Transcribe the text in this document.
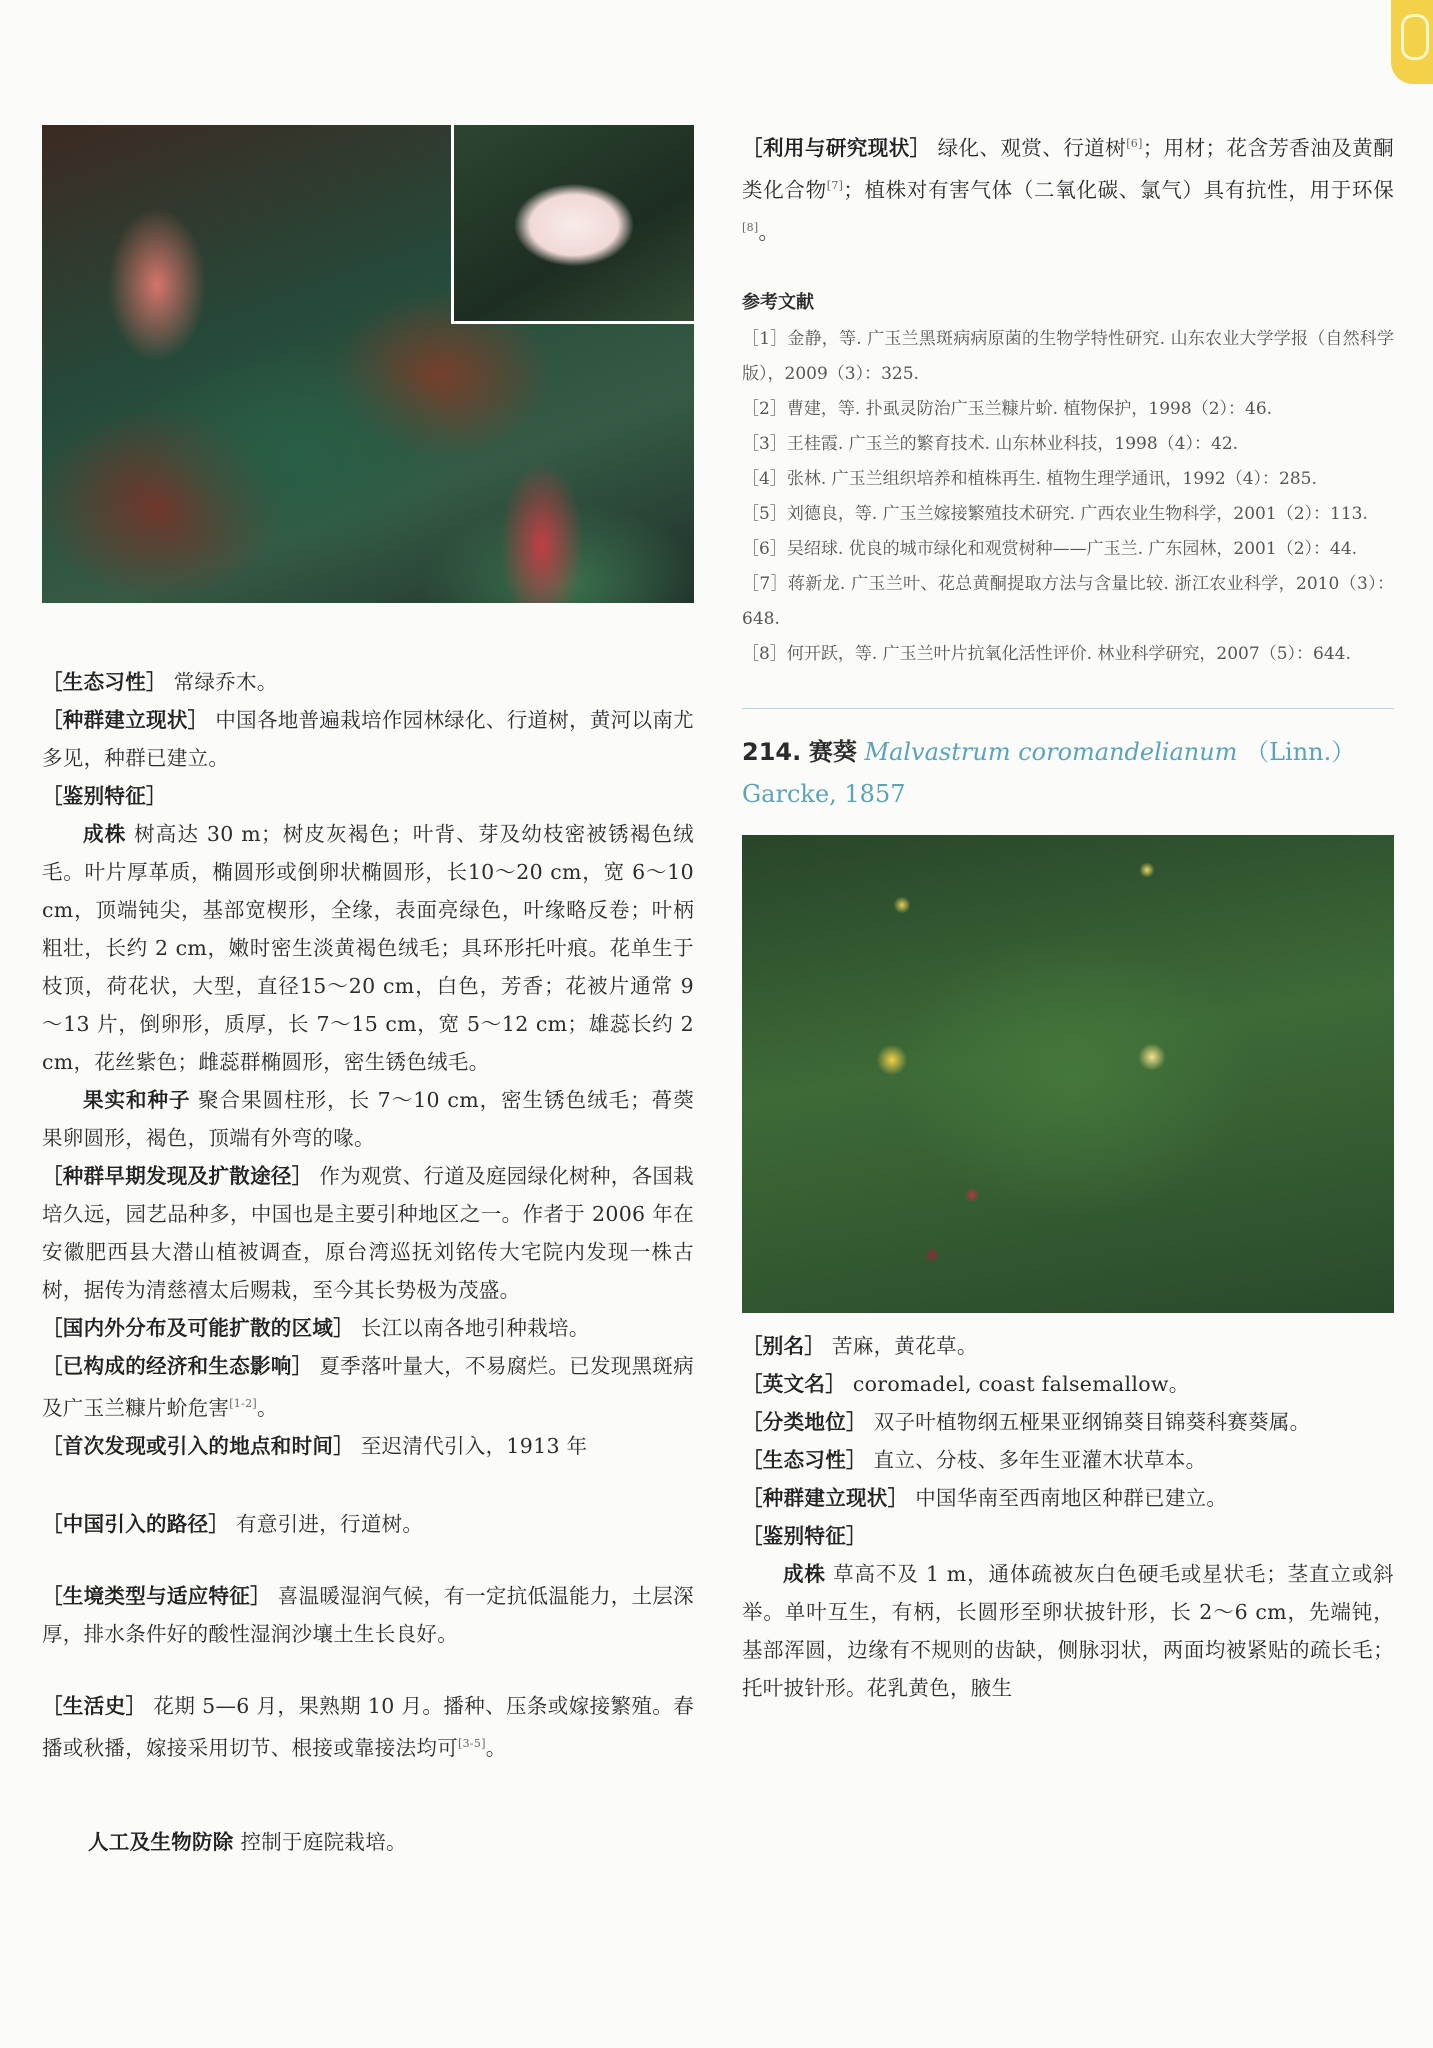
［生态习性］ 常绿乔木。

［种群建立现状］ 中国各地普遍栽培作园林绿化、行道树，黄河以南尤多见，种群已建立。

［鉴别特征］

成株 树高达 30 m；树皮灰褐色；叶背、芽及幼枝密被锈褐色绒毛。叶片厚革质，椭圆形或倒卵状椭圆形，长10～20 cm，宽 6～10 cm，顶端钝尖，基部宽楔形，全缘，表面亮绿色，叶缘略反卷；叶柄粗壮，长约 2 cm，嫩时密生淡黄褐色绒毛；具环形托叶痕。花单生于枝顶，荷花状，大型，直径15～20 cm，白色，芳香；花被片通常 9～13 片，倒卵形，质厚，长 7～15 cm，宽 5～12 cm；雄蕊长约 2 cm，花丝紫色；雌蕊群椭圆形，密生锈色绒毛。

果实和种子 聚合果圆柱形，长 7～10 cm，密生锈色绒毛；蓇葖果卵圆形，褐色，顶端有外弯的喙。

［种群早期发现及扩散途径］ 作为观赏、行道及庭园绿化树种，各国栽培久远，园艺品种多，中国也是主要引种地区之一。作者于 2006 年在安徽肥西县大潜山植被调查，原台湾巡抚刘铭传大宅院内发现一株古树，据传为清慈禧太后赐栽，至今其长势极为茂盛。

［国内外分布及可能扩散的区域］ 长江以南各地引种栽培。

［已构成的经济和生态影响］ 夏季落叶量大，不易腐烂。已发现黑斑病及广玉兰糠片蚧危害[1-2]。

［首次发现或引入的地点和时间］ 至迟清代引入，1913 年

［中国引入的路径］ 有意引进，行道树。

［生境类型与适应特征］ 喜温暖湿润气候，有一定抗低温能力，土层深厚，排水条件好的酸性湿润沙壤土生长良好。

［生活史］ 花期 5—6 月，果熟期 10 月。播种、压条或嫁接繁殖。春播或秋播，嫁接采用切节、根接或靠接法均可[3-5]。

人工及生物防除 控制于庭院栽培。

［利用与研究现状］ 绿化、观赏、行道树[6]；用材；花含芳香油及黄酮类化合物[7]；植株对有害气体（二氧化碳、氯气）具有抗性，用于环保[8]。

参考文献

［1］金静，等. 广玉兰黑斑病病原菌的生物学特性研究. 山东农业大学学报（自然科学版），2009（3）：325.

［2］曹建，等. 扑虱灵防治广玉兰糠片蚧. 植物保护，1998（2）：46.

［3］王桂霞. 广玉兰的繁育技术. 山东林业科技，1998（4）：42.

［4］张林. 广玉兰组织培养和植株再生. 植物生理学通讯，1992（4）：285.

［5］刘德良，等. 广玉兰嫁接繁殖技术研究. 广西农业生物科学，2001（2）：113.

［6］吴绍球. 优良的城市绿化和观赏树种——广玉兰. 广东园林，2001（2）：44.

［7］蒋新龙. 广玉兰叶、花总黄酮提取方法与含量比较. 浙江农业科学，2010（3）：648.

［8］何开跃，等. 广玉兰叶片抗氧化活性评价. 林业科学研究，2007（5）：644.

214. 赛葵 Malvastrum coromandelianum （Linn.）Garcke, 1857

［别名］ 苦麻，黄花草。

［英文名］ coromadel, coast falsemallow。

［分类地位］ 双子叶植物纲五桠果亚纲锦葵目锦葵科赛葵属。

［生态习性］ 直立、分枝、多年生亚灌木状草本。

［种群建立现状］ 中国华南至西南地区种群已建立。

［鉴别特征］

成株 草高不及 1 m，通体疏被灰白色硬毛或星状毛；茎直立或斜举。单叶互生，有柄，长圆形至卵状披针形，长 2～6 cm，先端钝，基部浑圆，边缘有不规则的齿缺，侧脉羽状，两面均被紧贴的疏长毛；托叶披针形。花乳黄色，腋生
